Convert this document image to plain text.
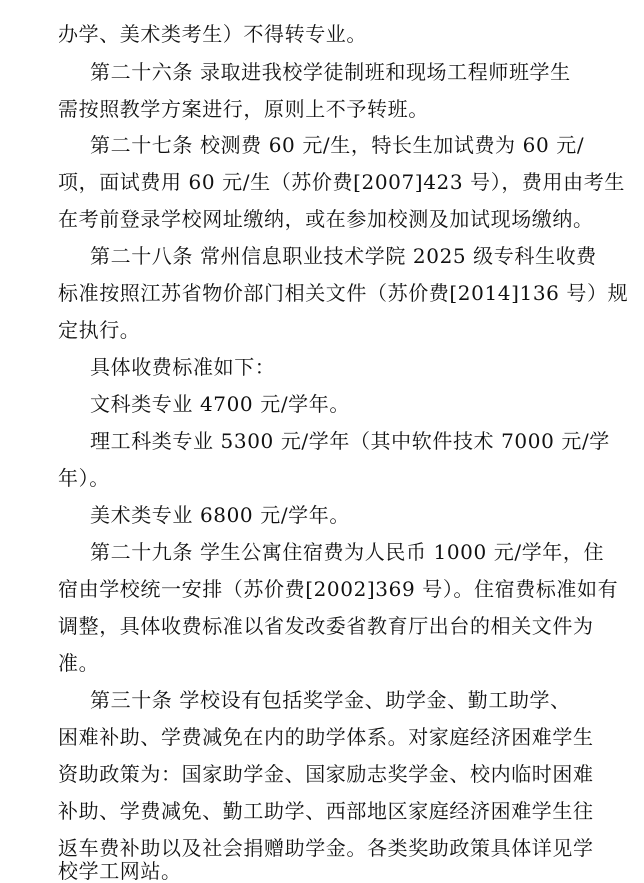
办学、美术类考生）不得转专业。
第二十六条 录取进我校学徒制班和现场工程师班学生
需按照教学方案进行，原则上不予转班。
第二十七条 校测费 60 元/生，特长生加试费为 60 元/
项，面试费用 60 元/生（苏价费[2007]423 号），费用由考生
在考前登录学校网址缴纳，或在参加校测及加试现场缴纳。
第二十八条 常州信息职业技术学院 2025 级专科生收费
标准按照江苏省物价部门相关文件（苏价费[2014]136 号）规
定执行。
具体收费标准如下：
文科类专业 4700 元/学年。
理工科类专业 5300 元/学年（其中软件技术 7000 元/学
年）。
美术类专业 6800 元/学年。
第二十九条 学生公寓住宿费为人民币 1000 元/学年，住
宿由学校统一安排（苏价费[2002]369 号）。住宿费标准如有
调整，具体收费标准以省发改委省教育厅出台的相关文件为
准。
第三十条 学校设有包括奖学金、助学金、勤工助学、
困难补助、学费减免在内的助学体系。对家庭经济困难学生
资助政策为：国家助学金、国家励志奖学金、校内临时困难
补助、学费减免、勤工助学、西部地区家庭经济困难学生往
返车费补助以及社会捐赠助学金。各类奖助政策具体详见学
校学工网站。
